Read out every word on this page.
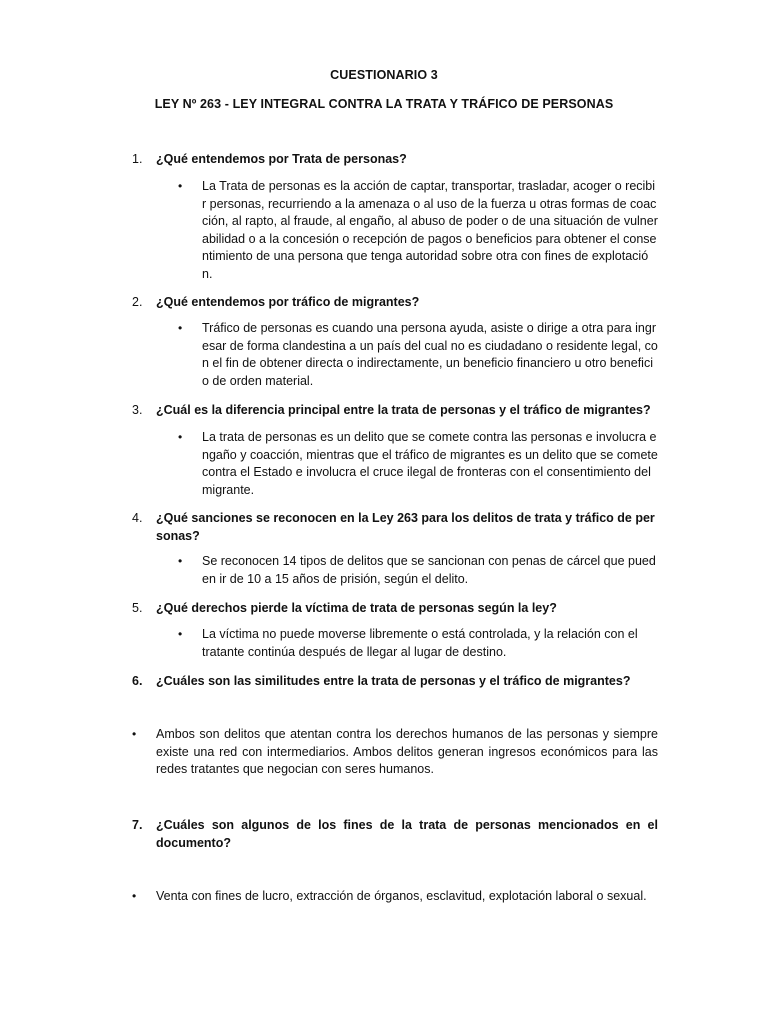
CUESTIONARIO 3
LEY Nº 263 - LEY INTEGRAL CONTRA LA TRATA Y TRÁFICO DE PERSONAS
1. ¿Qué entendemos por Trata de personas?
• La Trata de personas es la acción de captar, transportar, trasladar, acoger o recibir personas, recurriendo a la amenaza o al uso de la fuerza u otras formas de coacción, al rapto, al fraude, al engaño, al abuso de poder o de una situación de vulnerabilidad o a la concesión o recepción de pagos o beneficios para obtener el consentimiento de una persona que tenga autoridad sobre otra con fines de explotación.
2. ¿Qué entendemos por tráfico de migrantes?
• Tráfico de personas es cuando una persona ayuda, asiste o dirige a otra para ingresar de forma clandestina a un país del cual no es ciudadano o residente legal, con el fin de obtener directa o indirectamente, un beneficio financiero u otro beneficio de orden material.
3. ¿Cuál es la diferencia principal entre la trata de personas y el tráfico de migrantes?
• La trata de personas es un delito que se comete contra las personas e involucra engaño y coacción, mientras que el tráfico de migrantes es un delito que se comete contra el Estado e involucra el cruce ilegal de fronteras con el consentimiento del migrante.
4. ¿Qué sanciones se reconocen en la Ley 263 para los delitos de trata y tráfico de personas?
• Se reconocen 14 tipos de delitos que se sancionan con penas de cárcel que pueden ir de 10 a 15 años de prisión, según el delito.
5. ¿Qué derechos pierde la víctima de trata de personas según la ley?
• La víctima no puede moverse libremente o está controlada, y la relación con el tratante continúa después de llegar al lugar de destino.
6. ¿Cuáles son las similitudes entre la trata de personas y el tráfico de migrantes?
• Ambos son delitos que atentan contra los derechos humanos de las personas y siempre existe una red con intermediarios. Ambos delitos generan ingresos económicos para las redes tratantes que negocian con seres humanos.
7. ¿Cuáles son algunos de los fines de la trata de personas mencionados en el documento?
• Venta con fines de lucro, extracción de órganos, esclavitud, explotación laboral o sexual.
